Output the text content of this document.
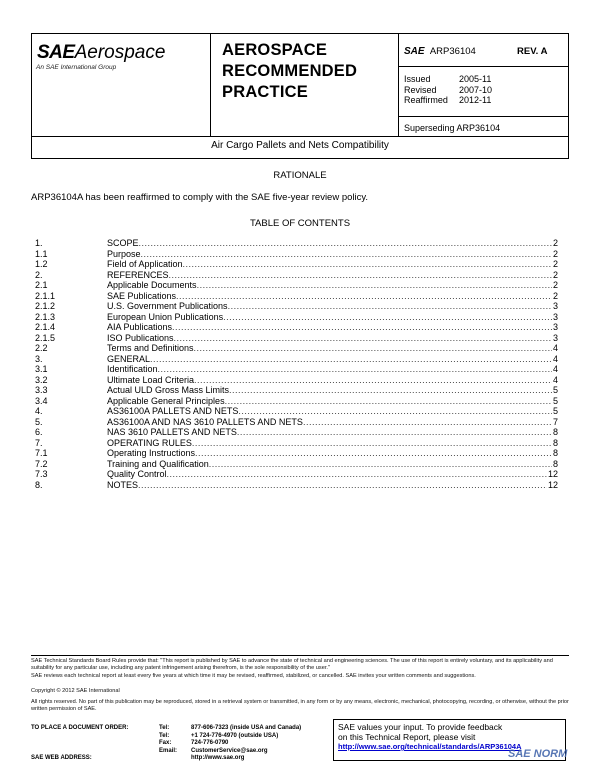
SAEAerospace
An SAE International Group
AEROSPACE
RECOMMENDED
PRACTICE
SAE ARP36104	REV. A
Issued	2005-11
Revised	2007-10
Reaffirmed	2012-11
Superseding ARP36104
Air Cargo Pallets and Nets Compatibility
RATIONALE
ARP36104A has been reaffirmed to comply with the SAE five-year review policy.
TABLE OF CONTENTS
1.	SCOPE .....	2
1.1	Purpose .....	2
1.2	Field of Application .....	2
2.	REFERENCES .....	2
2.1	Applicable Documents .....	2
2.1.1	SAE Publications .....	2
2.1.2	U.S. Government Publications .....	3
2.1.3	European Union Publications .....	3
2.1.4	AIA Publications .....	3
2.1.5	ISO Publications .....	3
2.2	Terms and Definitions .....	4
3.	GENERAL .....	4
3.1	Identification .....	4
3.2	Ultimate Load Criteria .....	4
3.3	Actual ULD Gross Mass Limits .....	5
3.4	Applicable General Principles .....	5
4.	AS36100A PALLETS AND NETS .....	5
5.	AS36100A AND NAS 3610 PALLETS AND NETS .....	7
6.	NAS 3610 PALLETS AND NETS .....	8
7.	OPERATING RULES .....	8
7.1	Operating Instructions .....	8
7.2	Training and Qualification .....	8
7.3	Quality Control .....	12
8.	NOTES .....	12
SAE Technical Standards Board Rules provide that: "This report is published by SAE to advance the state of technical and engineering sciences. The use of this report is entirely voluntary, and its applicability and suitability for any particular use, including any patent infringement arising therefrom, is the sole responsibility of the user."
SAE reviews each technical report at least every five years at which time it may be revised, reaffirmed, stabilized, or cancelled. SAE invites your written comments and suggestions.
Copyright © 2012 SAE International
All rights reserved. No part of this publication may be reproduced, stored in a retrieval system or transmitted, in any form or by any means, electronic, mechanical, photocopying, recording, or otherwise, without the prior written permission of SAE.
TO PLACE A DOCUMENT ORDER:
SAE WEB ADDRESS:
Tel:	877-606-7323 (inside USA and Canada)
Tel:	+1 724-776-4970 (outside USA)
Fax:	724-776-0790
Email:	CustomerService@sae.org
http://www.sae.org
SAE values your input. To provide feedback
on this Technical Report, please visit
http://www.sae.org/technical/standards/ARP36104A
SAE NORM
